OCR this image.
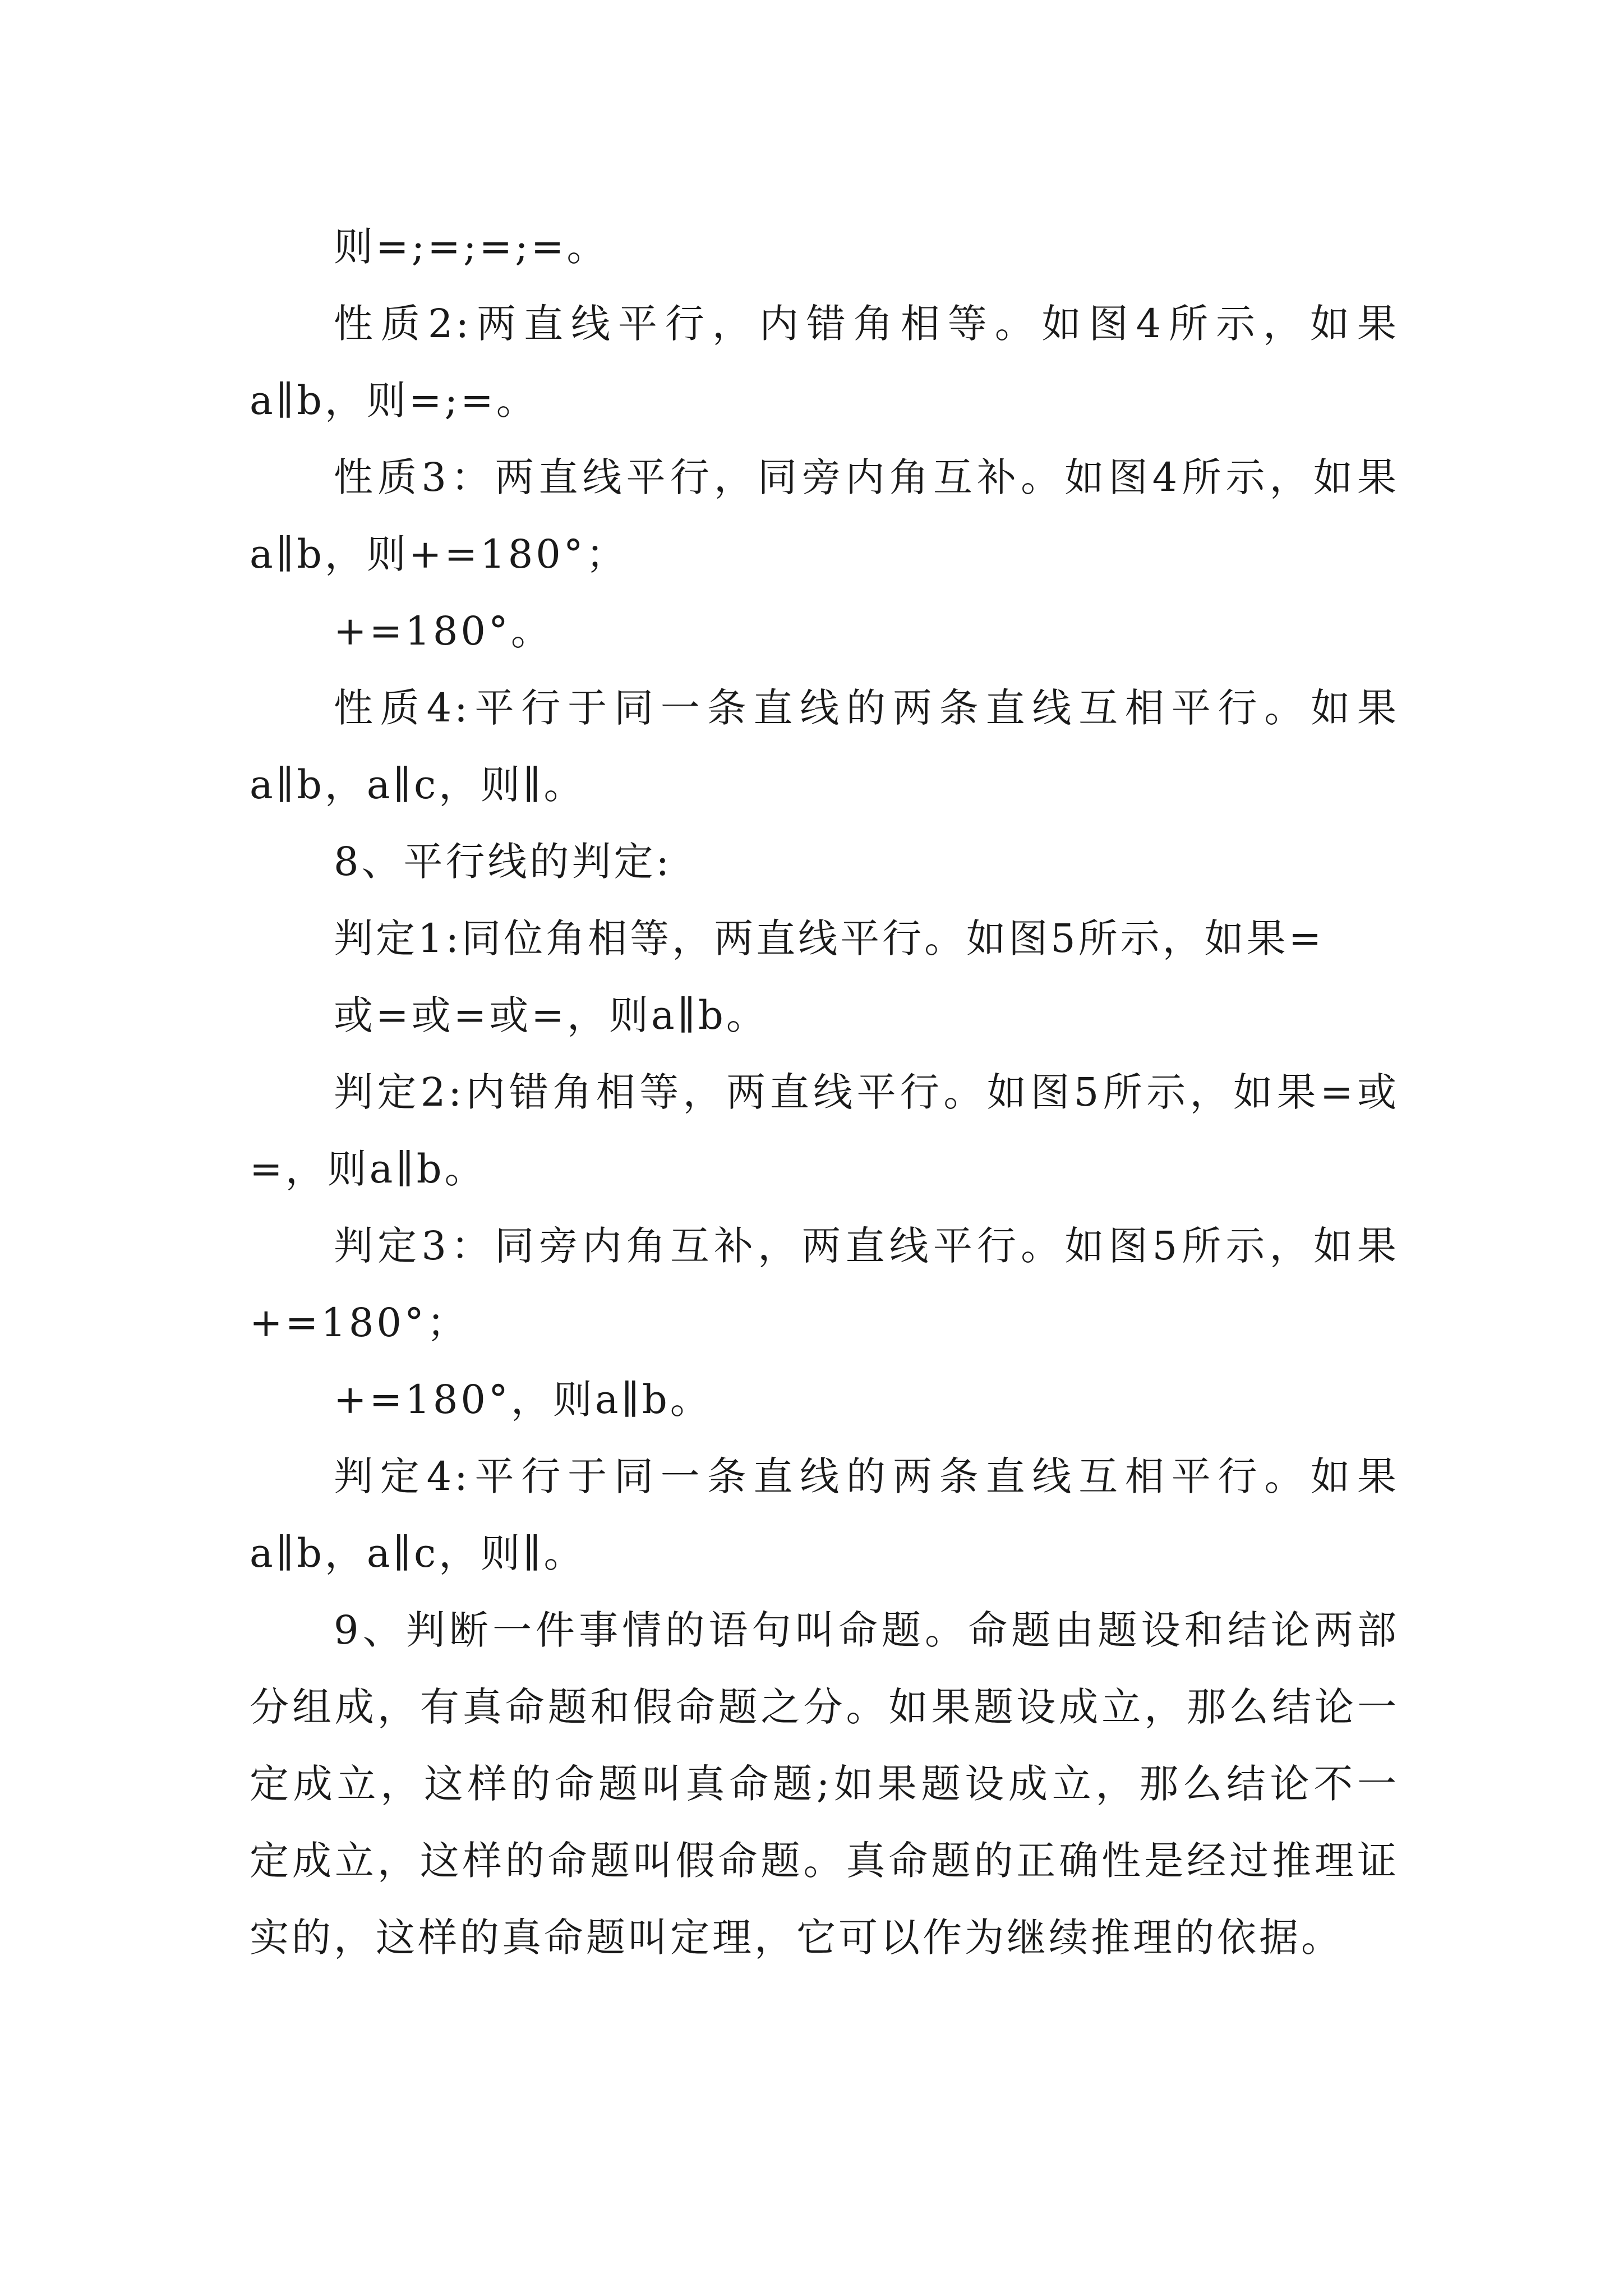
则=;=;=;=。

性质2:两直线平行，内错角相等。如图4所示，如果a∥b，则=;=。

性质3：两直线平行，同旁内角互补。如图4所示，如果a∥b，则+=180°；

+=180°。

性质4:平行于同一条直线的两条直线互相平行。如果a∥b，a∥c，则∥。

8、平行线的判定:

判定1:同位角相等，两直线平行。如图5所示，如果=

或=或=或=，则a∥b。

判定2:内错角相等，两直线平行。如图5所示，如果=或=，则a∥b。

判定3：同旁内角互补，两直线平行。如图5所示，如果+=180°；

+=180°，则a∥b。

判定4:平行于同一条直线的两条直线互相平行。如果a∥b，a∥c，则∥。

9、判断一件事情的语句叫命题。命题由题设和结论两部分组成，有真命题和假命题之分。如果题设成立，那么结论一定成立，这样的命题叫真命题;如果题设成立，那么结论不一定成立，这样的命题叫假命题。真命题的正确性是经过推理证实的，这样的真命题叫定理，它可以作为继续推理的依据。
